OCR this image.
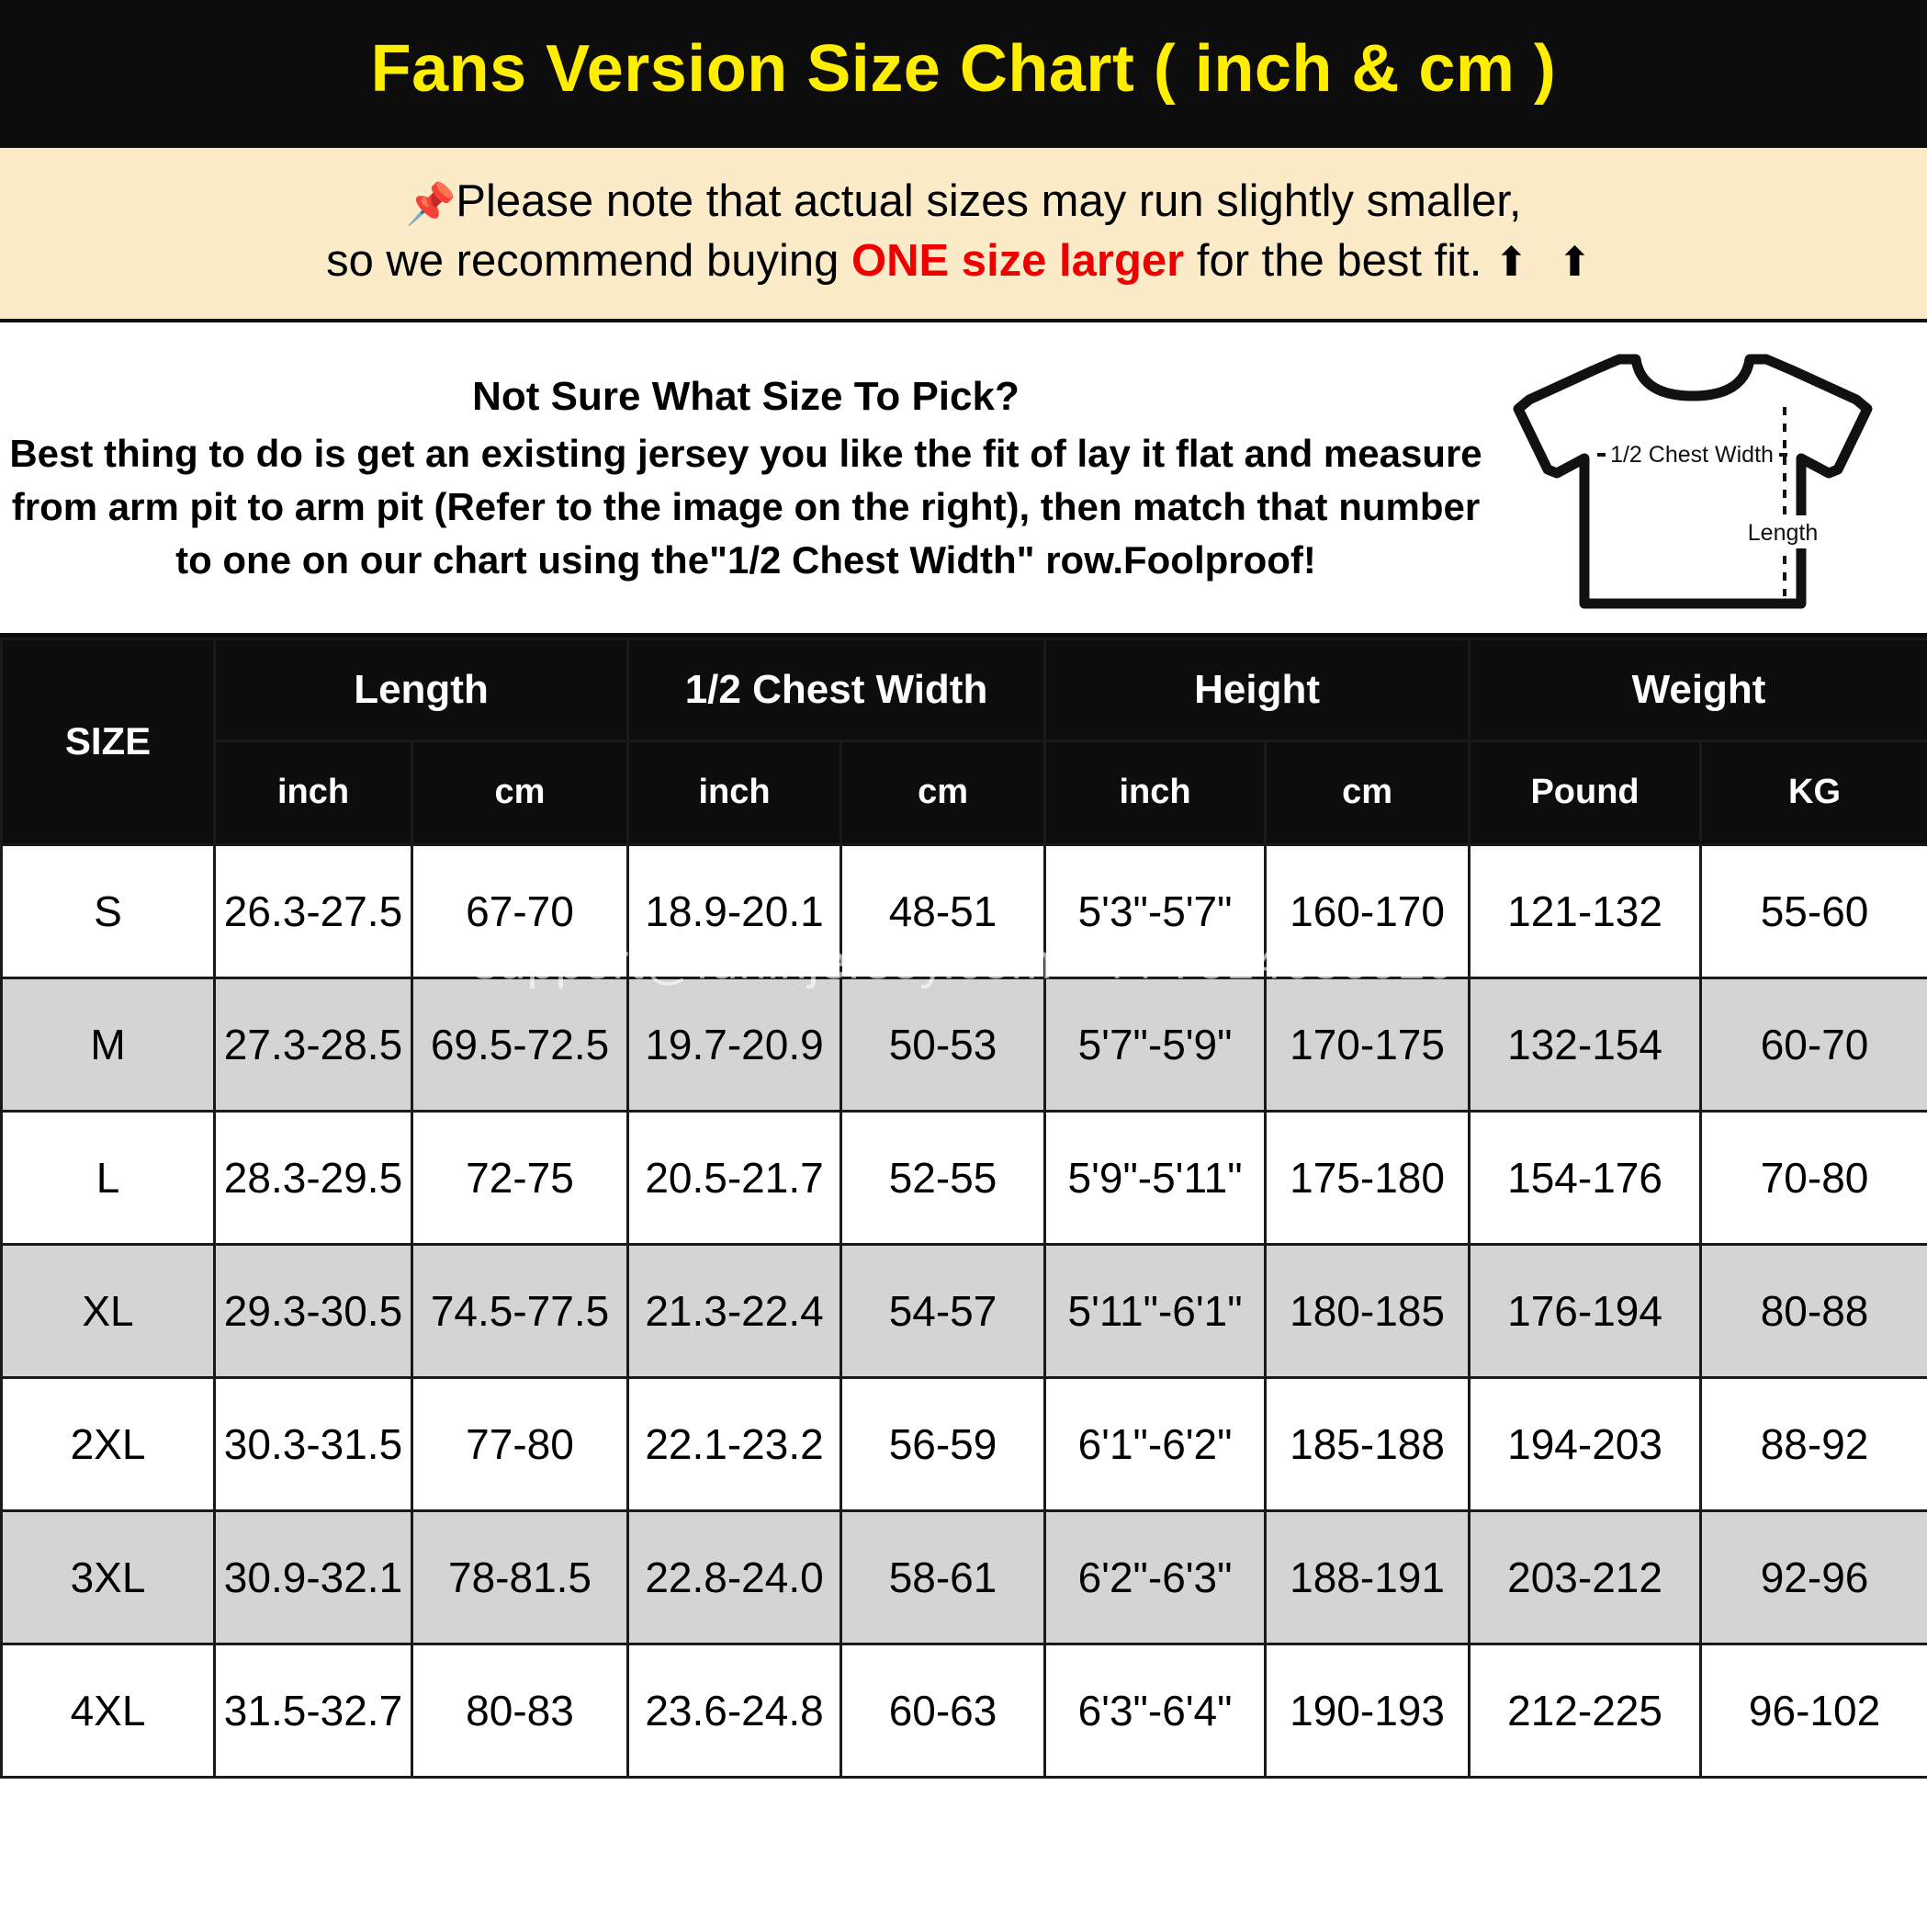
Fans Version Size Chart ( inch & cm )
📌Please note that actual sizes may run slightly smaller,
so we recommend buying ONE size larger for the best fit. ⬆ ⬆
Not Sure What Size To Pick?
Best thing to do is get an existing jersey you like the fit of lay it flat and measure from arm pit to arm pit (Refer to the image on the right), then match that number to one on our chart using the"1/2 Chest Width" row.Foolproof!
1/2 Chest Width
Length
SIZE	Length		1/2 Chest Width		Height		Weight	
	inch	cm	inch	cm	inch	cm	Pound	KG
S	26.3-27.5	67-70	18.9-20.1	48-51	5'3"-5'7"	160-170	121-132	55-60
M	27.3-28.5	69.5-72.5	19.7-20.9	50-53	5'7"-5'9"	170-175	132-154	60-70
L	28.3-29.5	72-75	20.5-21.7	52-55	5'9"-5'11"	175-180	154-176	70-80
XL	29.3-30.5	74.5-77.5	21.3-22.4	54-57	5'11"-6'1"	180-185	176-194	80-88
2XL	30.3-31.5	77-80	22.1-23.2	56-59	6'1"-6'2"	185-188	194-203	88-92
3XL	30.9-32.1	78-81.5	22.8-24.0	58-61	6'2"-6'3"	188-191	203-212	92-96
4XL	31.5-32.7	80-83	23.6-24.8	60-63	6'3"-6'4"	190-193	212-225	96-102
support@funinjersey.com +44 7514686010
